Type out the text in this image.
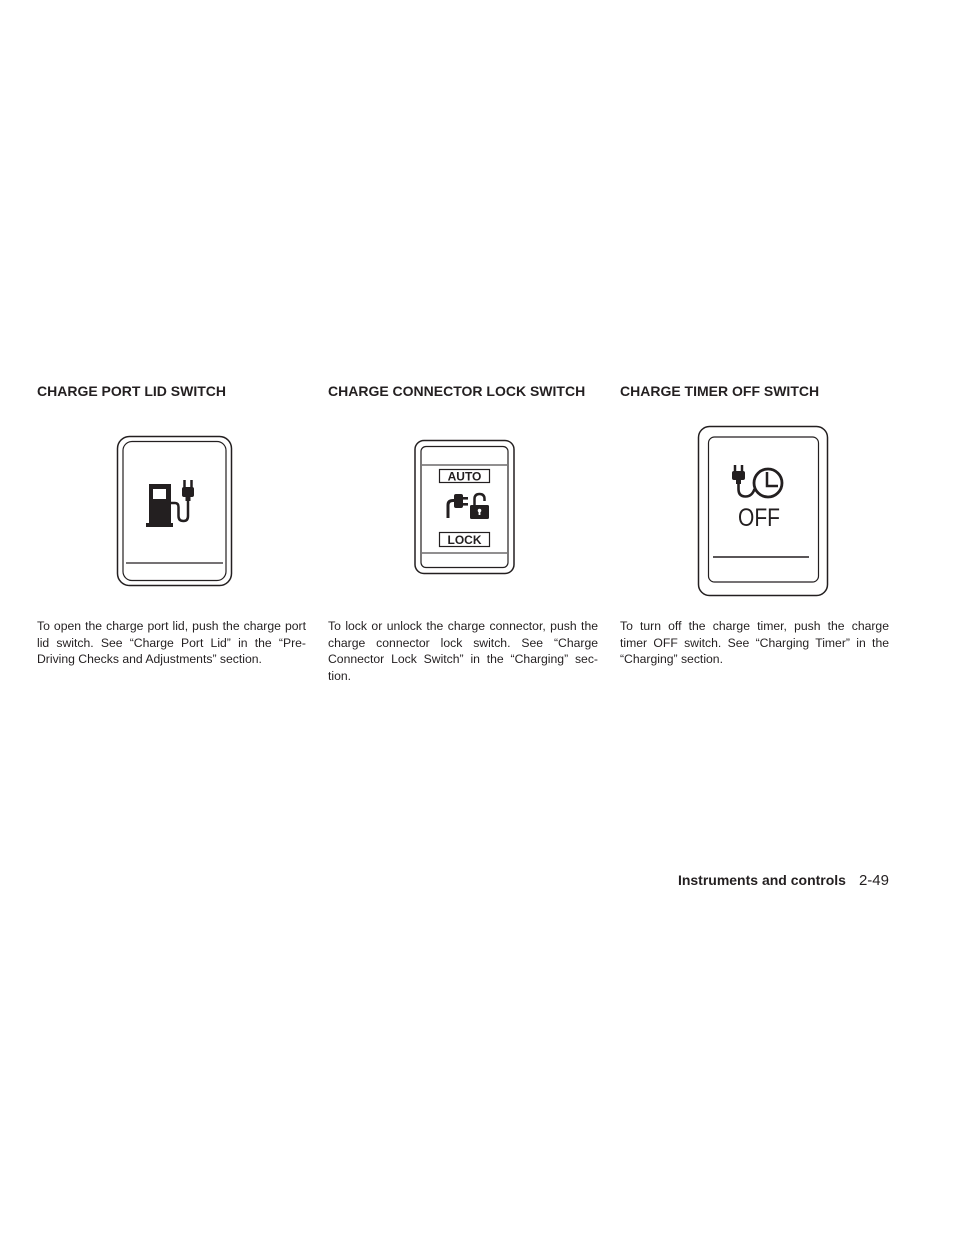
CHARGE PORT LID SWITCH
To open the charge port lid, push the charge port
lid switch. See “Charge Port Lid” in the “Pre-
Driving Checks and Adjustments” section.
CHARGE CONNECTOR LOCK SWITCH
AUTO
LOCK
To lock or unlock the charge connector, push the
charge connector lock switch. See “Charge
Connector Lock Switch” in the “Charging” sec-
tion.
CHARGE TIMER OFF SWITCH
OFF
To turn off the charge timer, push the charge
timer OFF switch. See “Charging Timer” in the
“Charging” section.
Instruments and controls 2-49
